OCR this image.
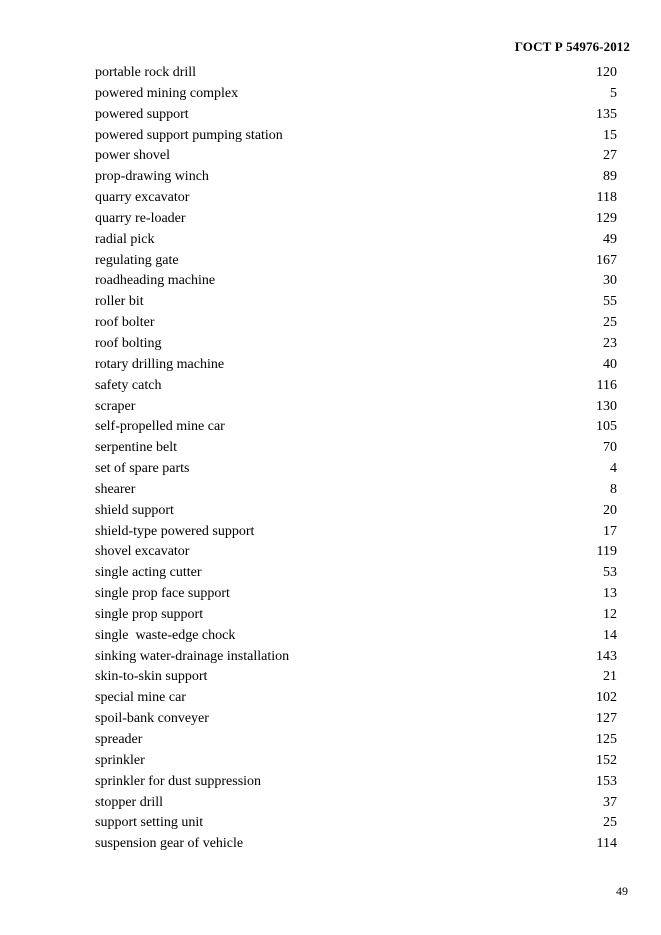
ГОСТ Р 54976-2012
portable rock drill	120
powered mining complex	5
powered support	135
powered support pumping station	15
power shovel	27
prop-drawing winch	89
quarry excavator	118
quarry re-loader	129
radial pick	49
regulating gate	167
roadheading machine	30
roller bit	55
roof bolter	25
roof bolting	23
rotary drilling machine	40
safety catch	116
scraper	130
self-propelled mine car	105
serpentine belt	70
set of spare parts	4
shearer	8
shield support	20
shield-type powered support	17
shovel excavator	119
single acting cutter	53
single prop face support	13
single prop support	12
single  waste-edge chock	14
sinking water-drainage installation	143
skin-to-skin support	21
special mine car	102
spoil-bank conveyer	127
spreader	125
sprinkler	152
sprinkler for dust suppression	153
stopper drill	37
support setting unit	25
suspension gear of vehicle	114
49
